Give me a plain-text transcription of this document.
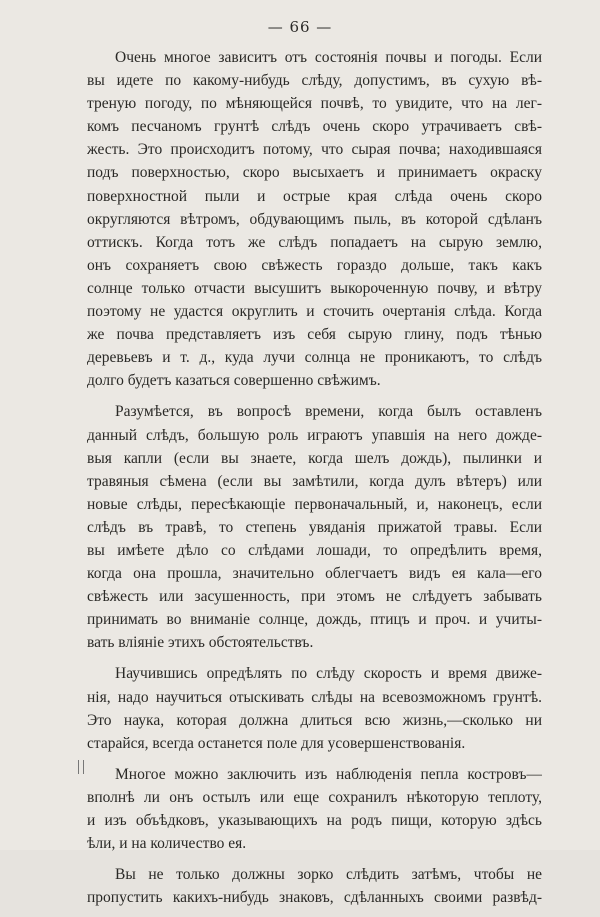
— 66 —
Очень многое зависитъ отъ состоянія почвы и погоды. Если
вы идете по какому-нибудь слѣду, допустимъ, въ сухую вѣ-
треную погоду, по мѣняющейся почвѣ, то увидите, что на лег-
комъ песчаномъ грунтѣ слѣдъ очень скоро утрачиваетъ свѣ-
жесть. Это происходитъ потому, что сырая почва; находившаяся
подъ поверхностью, скоро высыхаетъ и принимаетъ окраску
поверхностной пыли и острые края слѣда очень скоро
округляются вѣтромъ, обдувающимъ пыль, въ которой сдѣланъ
оттискъ. Когда тотъ же слѣдъ попадаетъ на сырую землю,
онъ сохраняетъ свою свѣжесть гораздо дольше, такъ какъ
солнце только отчасти высушитъ выкороченную почву, и вѣтру
поэтому не удастся округлить и сточить очертанія слѣда. Когда
же почва представляетъ изъ себя сырую глину, подъ тѣнью
деревьевъ и т. д., куда лучи солнца не проникаютъ, то слѣдъ
долго будетъ казаться совершенно свѣжимъ.
Разумѣется, въ вопросѣ времени, когда былъ оставленъ
данный слѣдъ, большую роль играютъ упавшія на него дожде-
выя капли (если вы знаете, когда шелъ дождь), пылинки и
травяныя сѣмена (если вы замѣтили, когда дулъ вѣтеръ) или
новые слѣды, пересѣкающіе первоначальный, и, наконецъ, если
слѣдъ въ травѣ, то степень увяданія прижатой травы. Если
вы имѣете дѣло со слѣдами лошади, то опредѣлить время,
когда она прошла, значительно облегчаетъ видъ ея кала—его
свѣжесть или засушенность, при этомъ не слѣдуетъ забывать
принимать во вниманіе солнце, дождь, птицъ и проч. и учиты-
вать вліяніе этихъ обстоятельствъ.
Научившись опредѣлять по слѣду скорость и время движе-
нія, надо научиться отыскивать слѣды на всевозможномъ грунтѣ.
Это наука, которая должна длиться всю жизнь,—сколько ни
старайся, всегда останется поле для усовершенствованія.
Многое можно заключить изъ наблюденія пепла костровъ—
вполнѣ ли онъ остылъ или еще сохранилъ нѣкоторую теплоту,
и изъ объѣдковъ, указывающихъ на родъ пищи, которую здѣсь
ѣли, и на количество ея.
Вы не только должны зорко слѣдить затѣмъ, чтобы не
пропустить какихъ-нибудь знаковъ, сдѣланныхъ своими развѣд-
